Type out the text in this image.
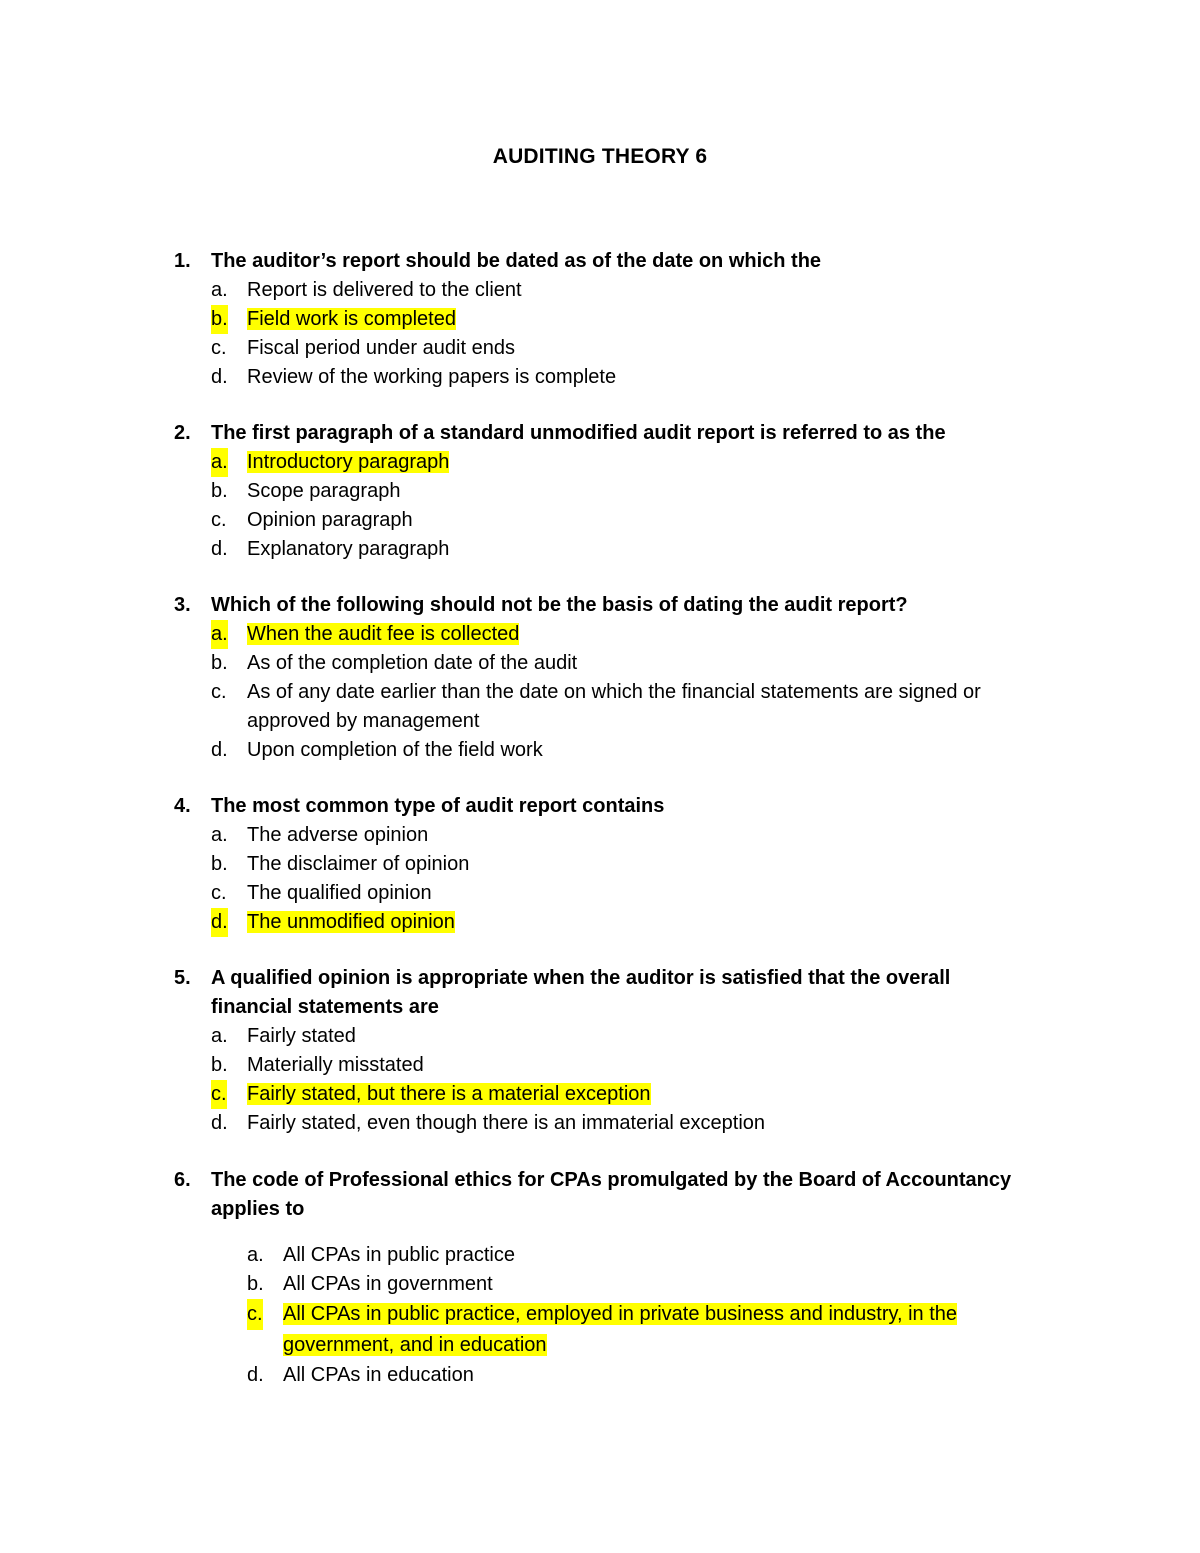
AUDITING THEORY 6
1. The auditor’s report should be dated as of the date on which the
a. Report is delivered to the client
b. Field work is completed
c. Fiscal period under audit ends
d. Review of the working papers is complete
2. The first paragraph of a standard unmodified audit report is referred to as the
a. Introductory paragraph
b. Scope paragraph
c. Opinion paragraph
d. Explanatory paragraph
3. Which of the following should not be the basis of dating the audit report?
a. When the audit fee is collected
b. As of the completion date of the audit
c. As of any date earlier than the date on which the financial statements are signed or approved by management
d. Upon completion of the field work
4. The most common type of audit report contains
a. The adverse opinion
b. The disclaimer of opinion
c. The qualified opinion
d. The unmodified opinion
5. A qualified opinion is appropriate when the auditor is satisfied that the overall financial statements are
a. Fairly stated
b. Materially misstated
c. Fairly stated, but there is a material exception
d. Fairly stated, even though there is an immaterial exception
6. The code of Professional ethics for CPAs promulgated by the Board of Accountancy applies to
a. All CPAs in public practice
b. All CPAs in government
c. All CPAs in public practice, employed in private business and industry, in the government, and in education
d. All CPAs in education
